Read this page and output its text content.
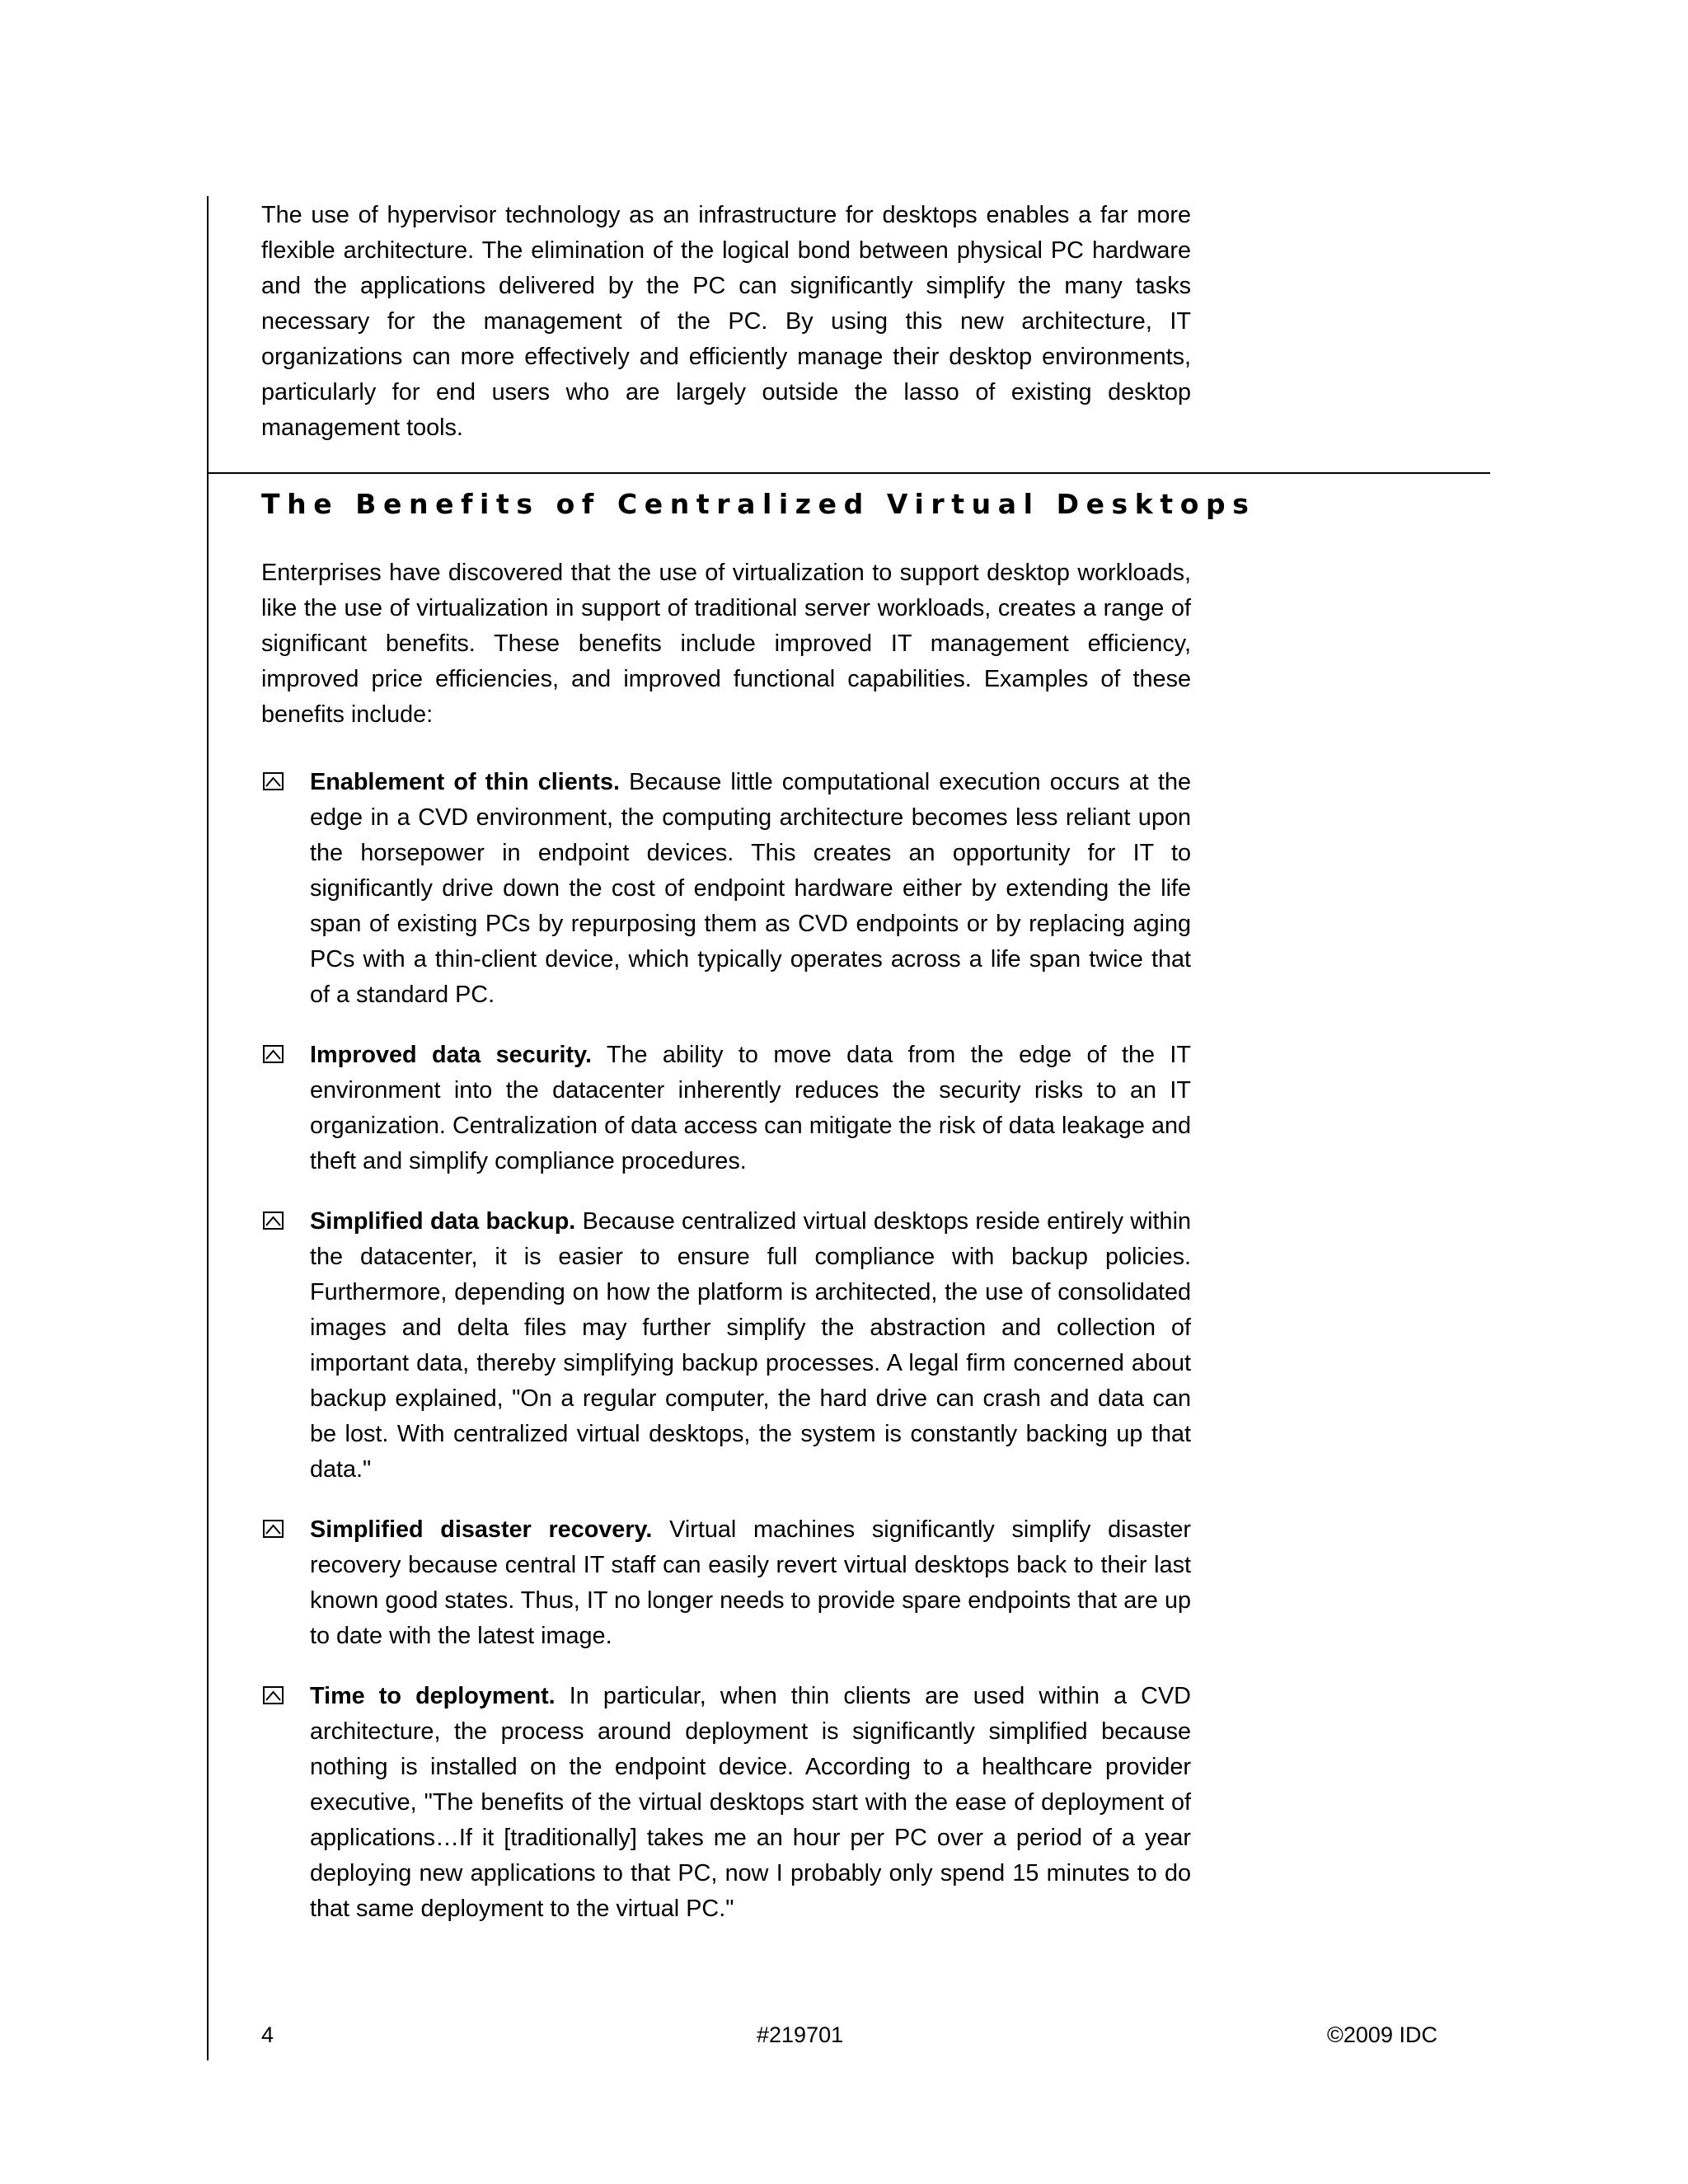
The use of hypervisor technology as an infrastructure for desktops enables a far more flexible architecture. The elimination of the logical bond between physical PC hardware and the applications delivered by the PC can significantly simplify the many tasks necessary for the management of the PC. By using this new architecture, IT organizations can more effectively and efficiently manage their desktop environments, particularly for end users who are largely outside the lasso of existing desktop management tools.

The Benefits of Centralized Virtual Desktops

Enterprises have discovered that the use of virtualization to support desktop workloads, like the use of virtualization in support of traditional server workloads, creates a range of significant benefits. These benefits include improved IT management efficiency, improved price efficiencies, and improved functional capabilities. Examples of these benefits include:

Enablement of thin clients. Because little computational execution occurs at the edge in a CVD environment, the computing architecture becomes less reliant upon the horsepower in endpoint devices. This creates an opportunity for IT to significantly drive down the cost of endpoint hardware either by extending the life span of existing PCs by repurposing them as CVD endpoints or by replacing aging PCs with a thin-client device, which typically operates across a life span twice that of a standard PC.
Improved data security. The ability to move data from the edge of the IT environment into the datacenter inherently reduces the security risks to an IT organization. Centralization of data access can mitigate the risk of data leakage and theft and simplify compliance procedures.
Simplified data backup. Because centralized virtual desktops reside entirely within the datacenter, it is easier to ensure full compliance with backup policies. Furthermore, depending on how the platform is architected, the use of consolidated images and delta files may further simplify the abstraction and collection of important data, thereby simplifying backup processes. A legal firm concerned about backup explained, "On a regular computer, the hard drive can crash and data can be lost. With centralized virtual desktops, the system is constantly backing up that data."
Simplified disaster recovery. Virtual machines significantly simplify disaster recovery because central IT staff can easily revert virtual desktops back to their last known good states. Thus, IT no longer needs to provide spare endpoints that are up to date with the latest image.
Time to deployment. In particular, when thin clients are used within a CVD architecture, the process around deployment is significantly simplified because nothing is installed on the endpoint device. According to a healthcare provider executive, "The benefits of the virtual desktops start with the ease of deployment of applications…If it [traditionally] takes me an hour per PC over a period of a year deploying new applications to that PC, now I probably only spend 15 minutes to do that same deployment to the virtual PC."
4	#219701	©2009 IDC
